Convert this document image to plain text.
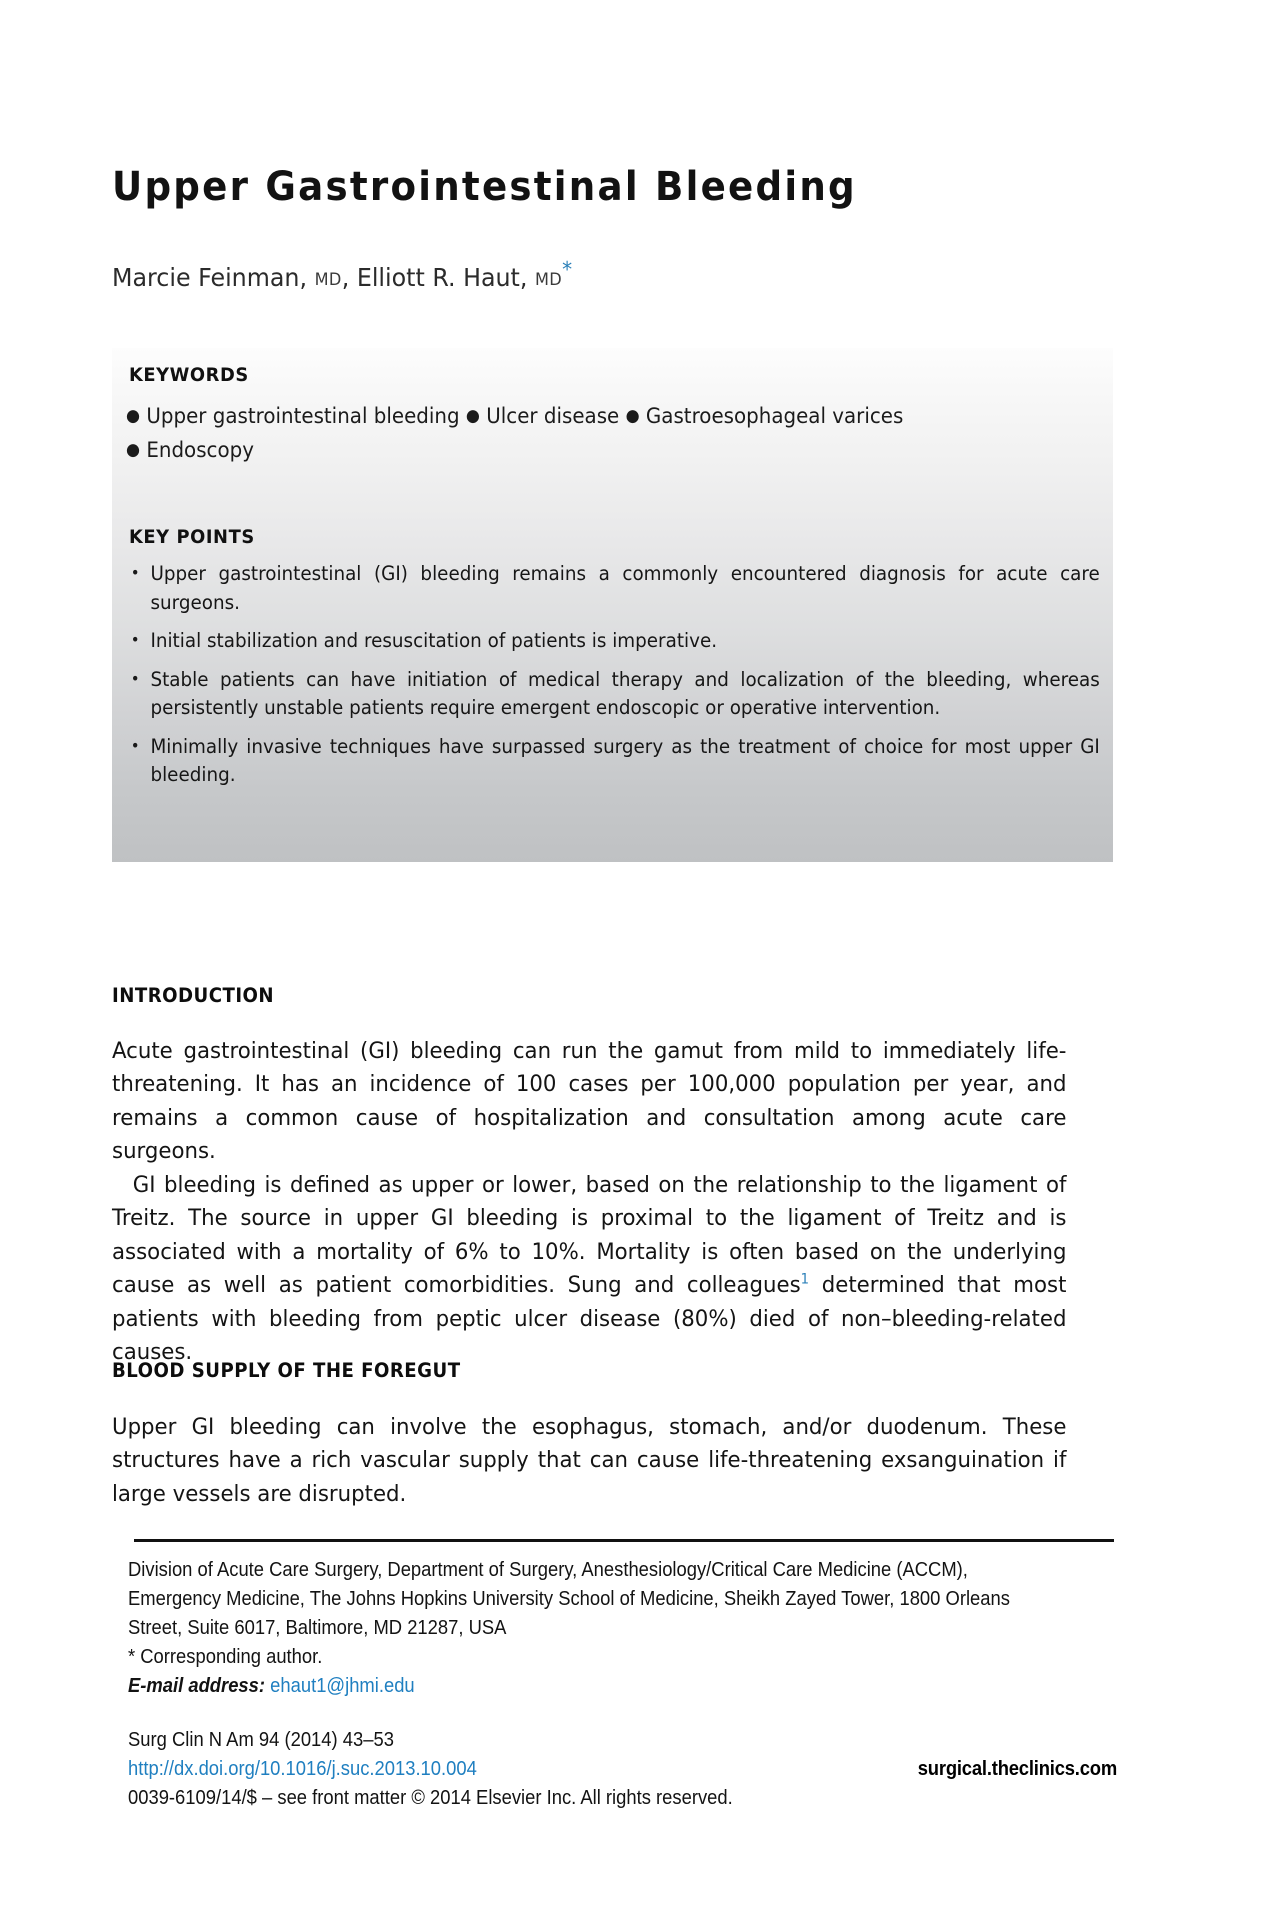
Upper Gastrointestinal Bleeding
Marcie Feinman, MD, Elliott R. Haut, MD*
KEYWORDS
● Upper gastrointestinal bleeding ● Ulcer disease ● Gastroesophageal varices
● Endoscopy
KEY POINTS
• Upper gastrointestinal (GI) bleeding remains a commonly encountered diagnosis for acute care surgeons.
• Initial stabilization and resuscitation of patients is imperative.
• Stable patients can have initiation of medical therapy and localization of the bleeding, whereas persistently unstable patients require emergent endoscopic or operative intervention.
• Minimally invasive techniques have surpassed surgery as the treatment of choice for most upper GI bleeding.
INTRODUCTION

Acute gastrointestinal (GI) bleeding can run the gamut from mild to immediately life-threatening. It has an incidence of 100 cases per 100,000 population per year, and remains a common cause of hospitalization and consultation among acute care surgeons.

GI bleeding is defined as upper or lower, based on the relationship to the ligament of Treitz. The source in upper GI bleeding is proximal to the ligament of Treitz and is associated with a mortality of 6% to 10%. Mortality is often based on the underlying cause as well as patient comorbidities. Sung and colleagues$^1$ determined that most patients with bleeding from peptic ulcer disease (80%) died of non–bleeding-related causes.

BLOOD SUPPLY OF THE FOREGUT

Upper GI bleeding can involve the esophagus, stomach, and/or duodenum. These structures have a rich vascular supply that can cause life-threatening exsanguination if large vessels are disrupted.

Division of Acute Care Surgery, Department of Surgery, Anesthesiology/Critical Care Medicine (ACCM), Emergency Medicine, The Johns Hopkins University School of Medicine, Sheikh Zayed Tower, 1800 Orleans Street, Suite 6017, Baltimore, MD 21287, USA
* Corresponding author.
E-mail address: ehaut1@jhmi.edu
Surg Clin N Am 94 (2014) 43–53
http://dx.doi.org/10.1016/j.suc.2013.10.004	surgical.theclinics.com
0039-6109/14/$ – see front matter © 2014 Elsevier Inc. All rights reserved.
